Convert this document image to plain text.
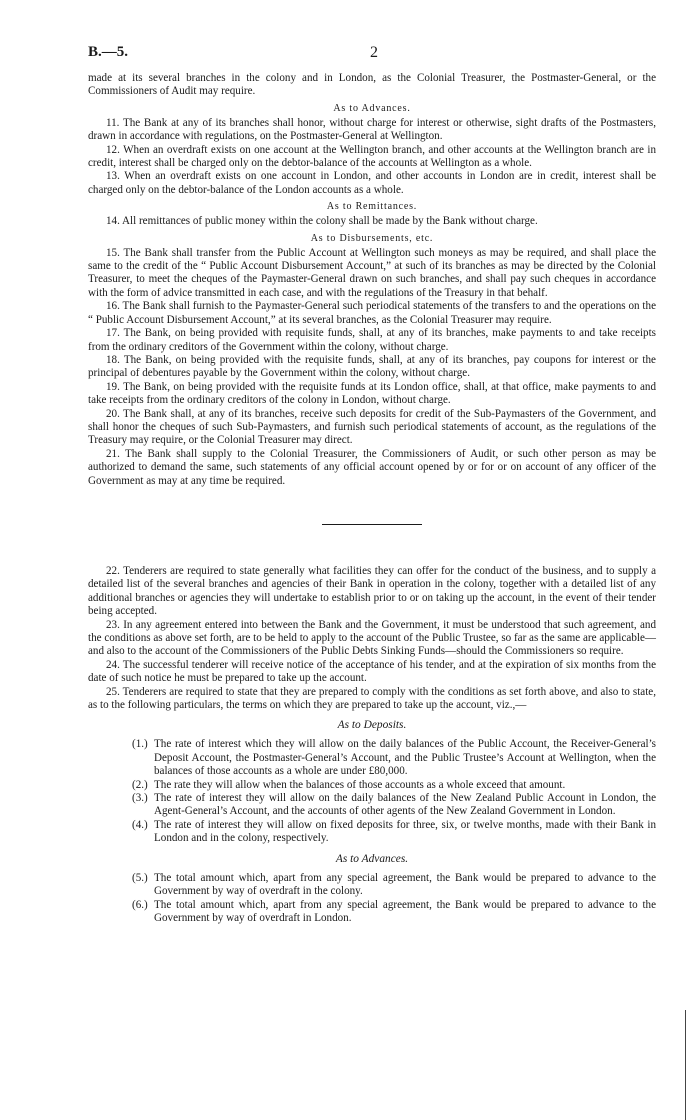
B.—5.	2

made at its several branches in the colony and in London, as the Colonial Treasurer, the Postmaster-General, or the Commissioners of Audit may require.

As to Advances.

11. The Bank at any of its branches shall honor, without charge for interest or otherwise, sight drafts of the Postmasters, drawn in accordance with regulations, on the Postmaster-General at Wellington.

12. When an overdraft exists on one account at the Wellington branch, and other accounts at the Wellington branch are in credit, interest shall be charged only on the debtor-balance of the accounts at Wellington as a whole.

13. When an overdraft exists on one account in London, and other accounts in London are in credit, interest shall be charged only on the debtor-balance of the London accounts as a whole.

As to Remittances.

14. All remittances of public money within the colony shall be made by the Bank without charge.

As to Disbursements, etc.

15. The Bank shall transfer from the Public Account at Wellington such moneys as may be required, and shall place the same to the credit of the “ Public Account Disbursement Account,” at such of its branches as may be directed by the Colonial Treasurer, to meet the cheques of the Paymaster-General drawn on such branches, and shall pay such cheques in accordance with the form of advice transmitted in each case, and with the regulations of the Treasury in that behalf.

16. The Bank shall furnish to the Paymaster-General such periodical statements of the transfers to and the operations on the “ Public Account Disbursement Account,” at its several branches, as the Colonial Treasurer may require.

17. The Bank, on being provided with requisite funds, shall, at any of its branches, make payments to and take receipts from the ordinary creditors of the Government within the colony, without charge.

18. The Bank, on being provided with the requisite funds, shall, at any of its branches, pay coupons for interest or the principal of debentures payable by the Government within the colony, without charge.

19. The Bank, on being provided with the requisite funds at its London office, shall, at that office, make payments to and take receipts from the ordinary creditors of the colony in London, without charge.

20. The Bank shall, at any of its branches, receive such deposits for credit of the Sub-Paymasters of the Government, and shall honor the cheques of such Sub-Paymasters, and furnish such periodical statements of account, as the regulations of the Treasury may require, or the Colonial Treasurer may direct.

21. The Bank shall supply to the Colonial Treasurer, the Commissioners of Audit, or such other person as may be authorized to demand the same, such statements of any official account opened by or for or on account of any officer of the Government as may at any time be required.

22. Tenderers are required to state generally what facilities they can offer for the conduct of the business, and to supply a detailed list of the several branches and agencies of their Bank in operation in the colony, together with a detailed list of any additional branches or agencies they will undertake to establish prior to or on taking up the account, in the event of their tender being accepted.

23. In any agreement entered into between the Bank and the Government, it must be understood that such agreement, and the conditions as above set forth, are to be held to apply to the account of the Public Trustee, so far as the same are applicable—and also to the account of the Commissioners of the Public Debts Sinking Funds—should the Commissioners so require.

24. The successful tenderer will receive notice of the acceptance of his tender, and at the expiration of six months from the date of such notice he must be prepared to take up the account.

25. Tenderers are required to state that they are prepared to comply with the conditions as set forth above, and also to state, as to the following particulars, the terms on which they are prepared to take up the account, viz.,—

As to Deposits.
(1.) The rate of interest which they will allow on the daily balances of the Public Account, the Receiver-General’s Deposit Account, the Postmaster-General’s Account, and the Public Trustee’s Account at Wellington, when the balances of those accounts as a whole are under £80,000.
(2.) The rate they will allow when the balances of those accounts as a whole exceed that amount.
(3.) The rate of interest they will allow on the daily balances of the New Zealand Public Account in London, the Agent-General’s Account, and the accounts of other agents of the New Zealand Government in London.
(4.) The rate of interest they will allow on fixed deposits for three, six, or twelve months, made with their Bank in London and in the colony, respectively.
As to Advances.
(5.) The total amount which, apart from any special agreement, the Bank would be prepared to advance to the Government by way of overdraft in the colony.
(6.) The total amount which, apart from any special agreement, the Bank would be prepared to advance to the Government by way of overdraft in London.
